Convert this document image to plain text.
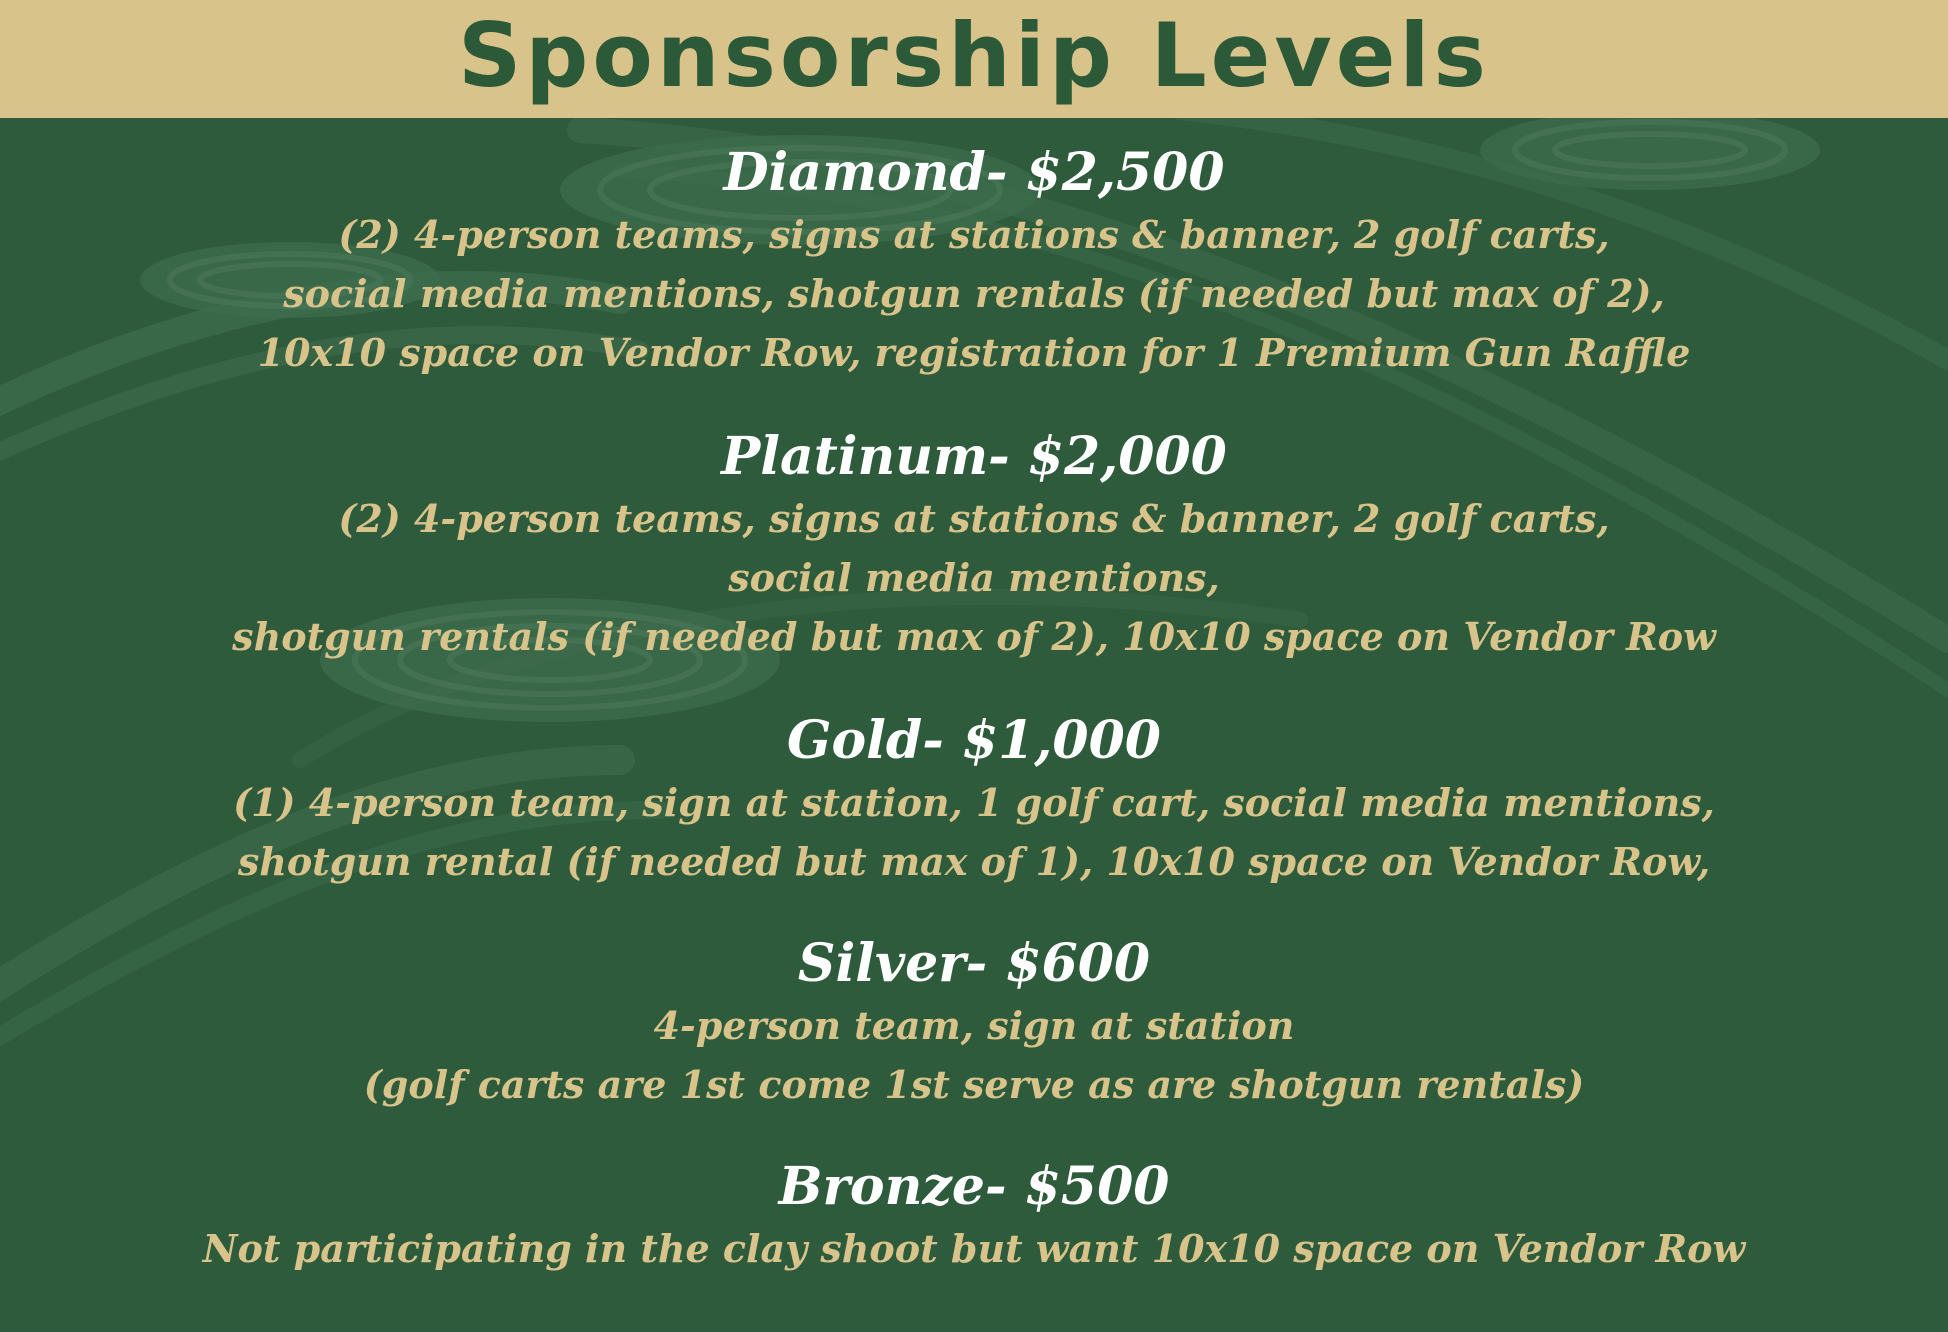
Sponsorship Levels
Diamond- $2,500
(2) 4-person teams, signs at stations & banner, 2 golf carts,
social media mentions, shotgun rentals (if needed but max of 2),
10x10 space on Vendor Row, registration for 1 Premium Gun Raffle
Platinum- $2,000
(2) 4-person teams, signs at stations & banner, 2 golf carts,
social media mentions,
shotgun rentals (if needed but max of 2), 10x10 space on Vendor Row
Gold- $1,000
(1) 4-person team, sign at station, 1 golf cart, social media mentions,
shotgun rental (if needed but max of 1), 10x10 space on Vendor Row,
Silver- $600
4-person team, sign at station
(golf carts are 1st come 1st serve as are shotgun rentals)
Bronze- $500
Not participating in the clay shoot but want 10x10 space on Vendor Row
